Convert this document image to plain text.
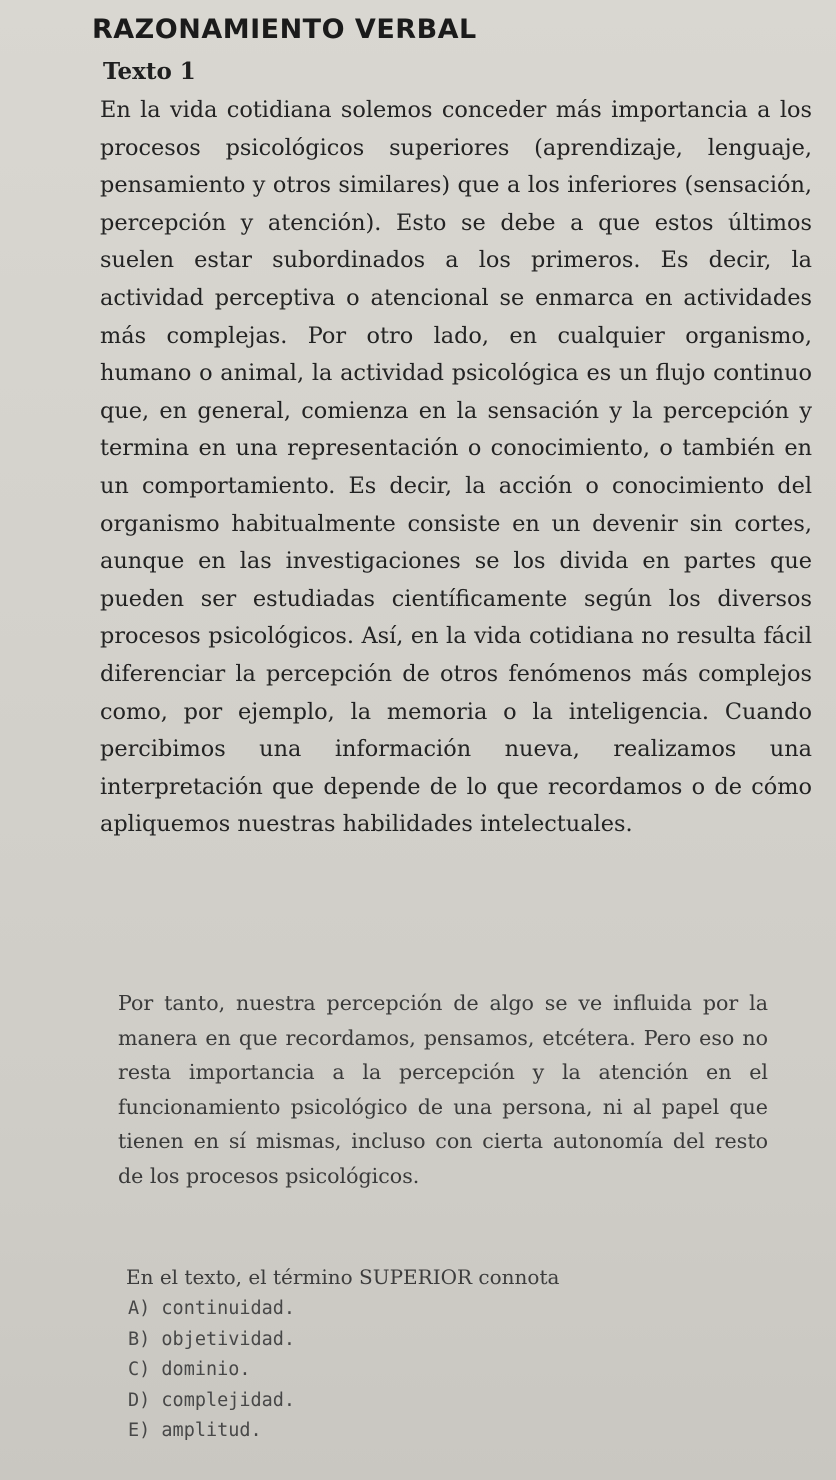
RAZONAMIENTO VERBAL
Texto 1

En la vida cotidiana solemos conceder más importancia a los procesos psicológicos superiores (aprendizaje, lenguaje, pensamiento y otros similares) que a los inferiores (sensación, percepción y atención). Esto se debe a que estos últimos suelen estar subordinados a los primeros. Es decir, la actividad perceptiva o atencional se enmarca en actividades más complejas. Por otro lado, en cualquier organismo, humano o animal, la actividad psicológica es un flujo continuo que, en general, comienza en la sensación y la percepción y termina en una representación o conocimiento, o también en un comportamiento. Es decir, la acción o conocimiento del organismo habitualmente consiste en un devenir sin cortes, aunque en las investigaciones se los divida en partes que pueden ser estudiadas científicamente según los diversos procesos psicológicos. Así, en la vida cotidiana no resulta fácil diferenciar la percepción de otros fenómenos más complejos como, por ejemplo, la memoria o la inteligencia. Cuando percibimos una información nueva, realizamos una interpretación que depende de lo que recordamos o de cómo apliquemos nuestras habilidades intelectuales.

Por tanto, nuestra percepción de algo se ve influida por la manera en que recordamos, pensamos, etcétera. Pero eso no resta importancia a la percepción y la atención en el funcionamiento psicológico de una persona, ni al papel que tienen en sí mismas, incluso con cierta autonomía del resto de los procesos psicológicos.

En el texto, el término SUPERIOR connota

A) continuidad.
B) objetividad.
C) dominio.
D) complejidad.
E) amplitud.
